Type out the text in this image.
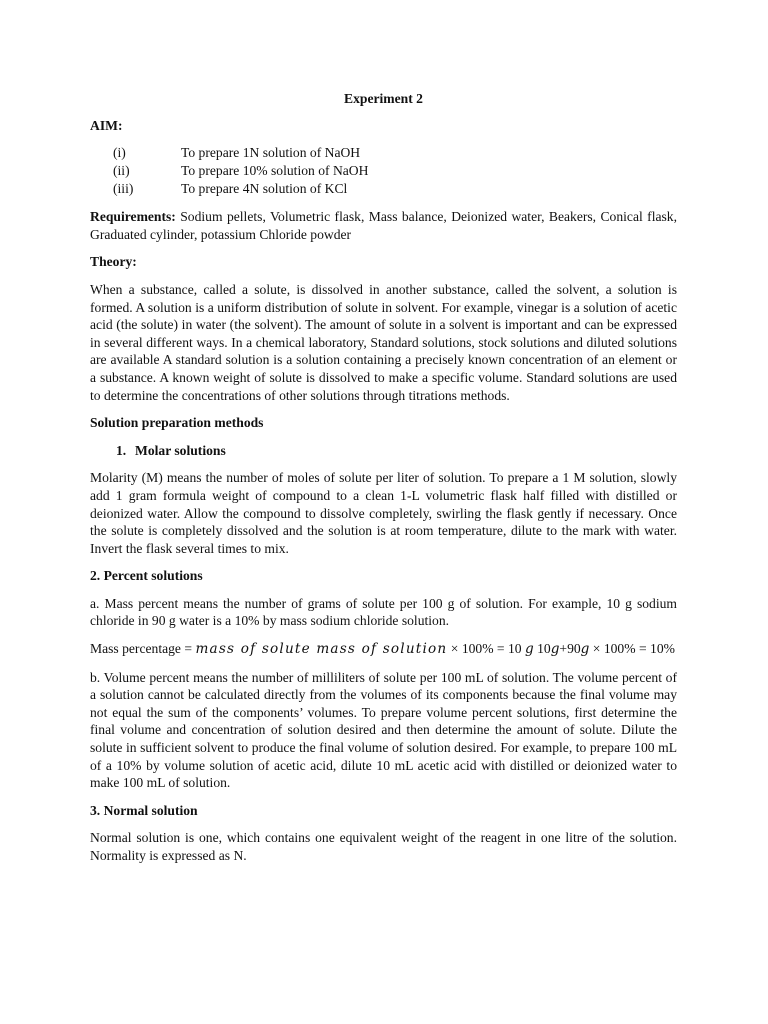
Experiment 2
AIM:
(i)	To prepare 1N solution of NaOH
(ii)	To prepare 10% solution of NaOH
(iii)	To prepare 4N solution of KCl

Requirements: Sodium pellets, Volumetric flask, Mass balance, Deionized water, Beakers, Conical flask, Graduated cylinder, potassium Chloride powder

Theory:

When a substance, called a solute, is dissolved in another substance, called the solvent, a solution is formed. A solution is a uniform distribution of solute in solvent. For example, vinegar is a solution of acetic acid (the solute) in water (the solvent). The amount of solute in a solvent is important and can be expressed in several different ways. In a chemical laboratory, Standard solutions, stock solutions and diluted solutions are available A standard solution is a solution containing a precisely known concentration of an element or a substance. A known weight of solute is dissolved to make a specific volume. Standard solutions are used to determine the concentrations of other solutions through titrations methods.

Solution preparation methods
1. Molar solutions

Molarity (M) means the number of moles of solute per liter of solution. To prepare a 1 M solution, slowly add 1 gram formula weight of compound to a clean 1-L volumetric flask half filled with distilled or deionized water. Allow the compound to dissolve completely, swirling the flask gently if necessary. Once the solute is completely dissolved and the solution is at room temperature, dilute to the mark with water. Invert the flask several times to mix.

2. Percent solutions

a. Mass percent means the number of grams of solute per 100 g of solution. For example, 10 g sodium chloride in 90 g water is a 10% by mass sodium chloride solution.

Mass percentage = mass of solute mass of solution × 100% = 10 g 10g+90g × 100% = 10%

b. Volume percent means the number of milliliters of solute per 100 mL of solution. The volume percent of a solution cannot be calculated directly from the volumes of its components because the final volume may not equal the sum of the components’ volumes. To prepare volume percent solutions, first determine the final volume and concentration of solution desired and then determine the amount of solute. Dilute the solute in sufficient solvent to produce the final volume of solution desired. For example, to prepare 100 mL of a 10% by volume solution of acetic acid, dilute 10 mL acetic acid with distilled or deionized water to make 100 mL of solution.

3. Normal solution

Normal solution is one, which contains one equivalent weight of the reagent in one litre of the solution. Normality is expressed as N.
